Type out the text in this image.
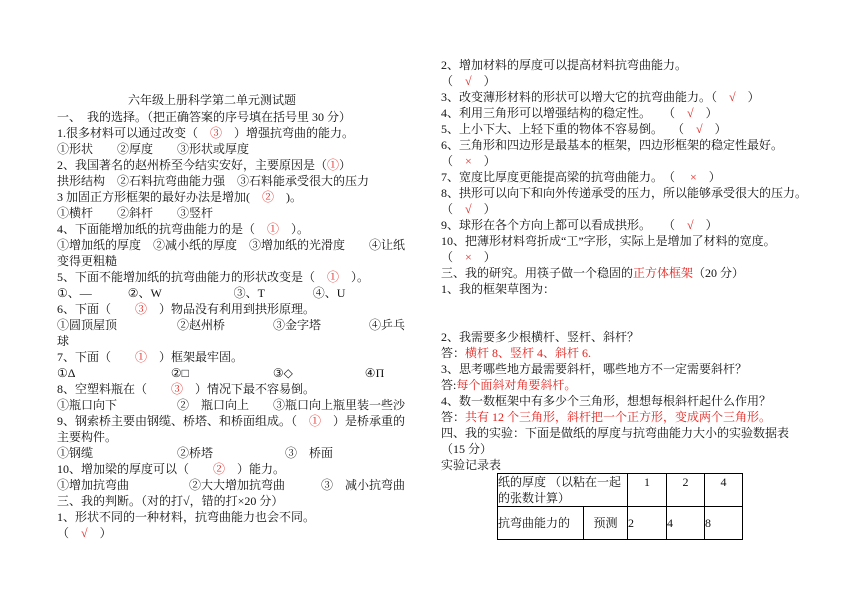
六年级上册科学第二单元测试题
一、　我的选择。（把正确答案的序号填在括号里 30 分）
1.很多材料可以通过改变（　③　）增强抗弯曲的能力。
①形状　　②厚度　　③形状或厚度
2、我国著名的赵州桥至今结实安好，主要原因是（①）
拱形结构　②石料抗弯曲能力强　③石料能承受很大的压力
3 加固正方形框架的最好办法是增加(　②　)。
①横杆　　②斜杆　　③竖杆
4、下面能增加纸的抗弯曲能力的是（　①　）。
①增加纸的厚度　②减小纸的厚度　③增加纸的光滑度　　④让纸
变得更粗糙
5、下面不能增加纸的抗弯曲能力的形状改变是（　①　）。
①、—　　　②、W　　　　　　③、T　　　　④、U
6、下面（　　③　）物品没有利用到拱形原理。
①圆顶屋顶　　　　　②赵州桥　　　　③金字塔　　　　④乒乓
球
7、下面（　　①　）框架最牢固。
①Δ　　　　　　　　②□　　　　　　　③◇　　　　　　④П
8、空塑料瓶在（　　③　）情况下最不容易倒。
①瓶口向下　　　　　②　瓶口向上　　③瓶口向上瓶里装一些沙
9、钢索桥主要由钢缆、桥塔、和桥面组成。（　①　）是桥承重的
主要构件。
①钢缆　　　　　　　②桥塔　　　　　　③　桥面
10、增加梁的厚度可以（　　②　）能力。
①增加抗弯曲　　　　　②大大增加抗弯曲　　　③　减小抗弯曲
三、我的判断。（对的打√，错的打×20 分）
1、形状不同的一种材料，抗弯曲能力也会不同。
（　√　）
2、增加材料的厚度可以提高材料抗弯曲能力。
（　√　）
3、改变薄形材料的形状可以增大它的抗弯曲能力。（　√　）
4、利用三角形可以增强结构的稳定性。　　（　√　）
5、上小下大、上轻下重的物体不容易倒。　 （　√　）
6、三角形和四边形是最基本的框架，四边形框架的稳定性最好。
（　×　）
7、宽度比厚度更能提高梁的抗弯曲能力。　（　 ×　）
8、拱形可以向下和向外传递承受的压力，所以能够承受很大的压力。
（　√　）
9、球形在各个方向上都可以看成拱形。　　（　√　）
10、把薄形材料弯折成“工”字形，实际上是增加了材料的宽度。
（　×　）
三、我的研究。用筷子做一个稳固的正方体框架（20 分）
1、我的框架草图为：
2、我需要多少根横杆、竖杆、斜杆？
答：横杆 8、竖杆 4、斜杆 6.
3、思考哪些地方最需要斜杆，哪些地方不一定需要斜杆？
答:每个面斜对角要斜杆。
4、数一数框架中有多少个三角形，想想每根斜杆起什么作用？
答：共有 12 个三角形，斜杆把一个正方形，变成两个三角形。
四、我的实验：下面是做纸的厚度与抗弯曲能力大小的实验数据表
（15 分）
实验记录表
纸的厚度 （以粘在一起的张数计算）		1	2	4
抗弯曲能力的	预测	2	4	8
